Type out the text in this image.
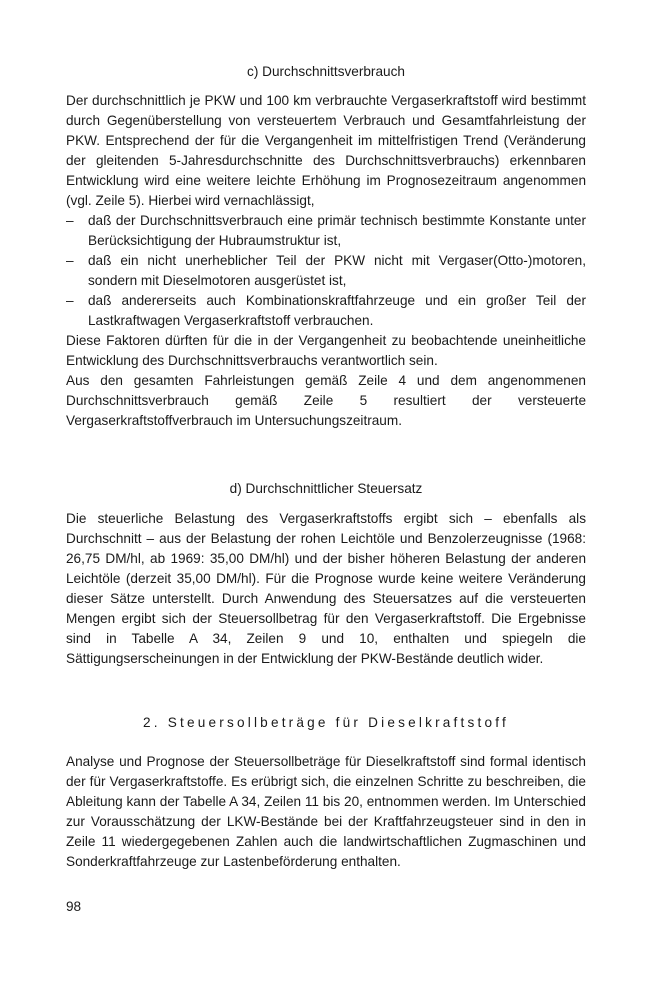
c) Durchschnittsverbrauch

Der durchschnittlich je PKW und 100 km verbrauchte Vergaserkraftstoff wird bestimmt durch Gegenüberstellung von versteuertem Verbrauch und Gesamtfahrleistung der PKW. Entsprechend der für die Vergangenheit im mittelfristigen Trend (Veränderung der gleitenden 5-Jahresdurchschnitte des Durchschnittsverbrauchs) erkennbaren Entwicklung wird eine weitere leichte Erhöhung im Prognosezeitraum angenommen (vgl. Zeile 5). Hierbei wird vernachlässigt,

– daß der Durchschnittsverbrauch eine primär technisch bestimmte Konstante unter Berücksichtigung der Hubraumstruktur ist,
– daß ein nicht unerheblicher Teil der PKW nicht mit Vergaser(Otto-)motoren, sondern mit Dieselmotoren ausgerüstet ist,
– daß andererseits auch Kombinationskraftfahrzeuge und ein großer Teil der Lastkraftwagen Vergaserkraftstoff verbrauchen.

Diese Faktoren dürften für die in der Vergangenheit zu beobachtende uneinheitliche Entwicklung des Durchschnittsverbrauchs verantwortlich sein.

Aus den gesamten Fahrleistungen gemäß Zeile 4 und dem angenommenen Durchschnittsverbrauch gemäß Zeile 5 resultiert der versteuerte Vergaserkraftstoffverbrauch im Untersuchungszeitraum.

d) Durchschnittlicher Steuersatz

Die steuerliche Belastung des Vergaserkraftstoffs ergibt sich – ebenfalls als Durchschnitt – aus der Belastung der rohen Leichtöle und Benzolerzeugnisse (1968: 26,75 DM/hl, ab 1969: 35,00 DM/hl) und der bisher höheren Belastung der anderen Leichtöle (derzeit 35,00 DM/hl). Für die Prognose wurde keine weitere Veränderung dieser Sätze unterstellt. Durch Anwendung des Steuersatzes auf die versteuerten Mengen ergibt sich der Steuersollbetrag für den Vergaserkraftstoff. Die Ergebnisse sind in Tabelle A 34, Zeilen 9 und 10, enthalten und spiegeln die Sättigungserscheinungen in der Entwicklung der PKW-Bestände deutlich wider.

2. Steuersollbeträge für Dieselkraftstoff

Analyse und Prognose der Steuersollbeträge für Dieselkraftstoff sind formal identisch der für Vergaserkraftstoffe. Es erübrigt sich, die einzelnen Schritte zu beschreiben, die Ableitung kann der Tabelle A 34, Zeilen 11 bis 20, entnommen werden. Im Unterschied zur Vorausschätzung der LKW-Bestände bei der Kraftfahrzeugsteuer sind in den in Zeile 11 wiedergegebenen Zahlen auch die landwirtschaftlichen Zugmaschinen und Sonderkraftfahrzeuge zur Lastenbeförderung enthalten.

98
